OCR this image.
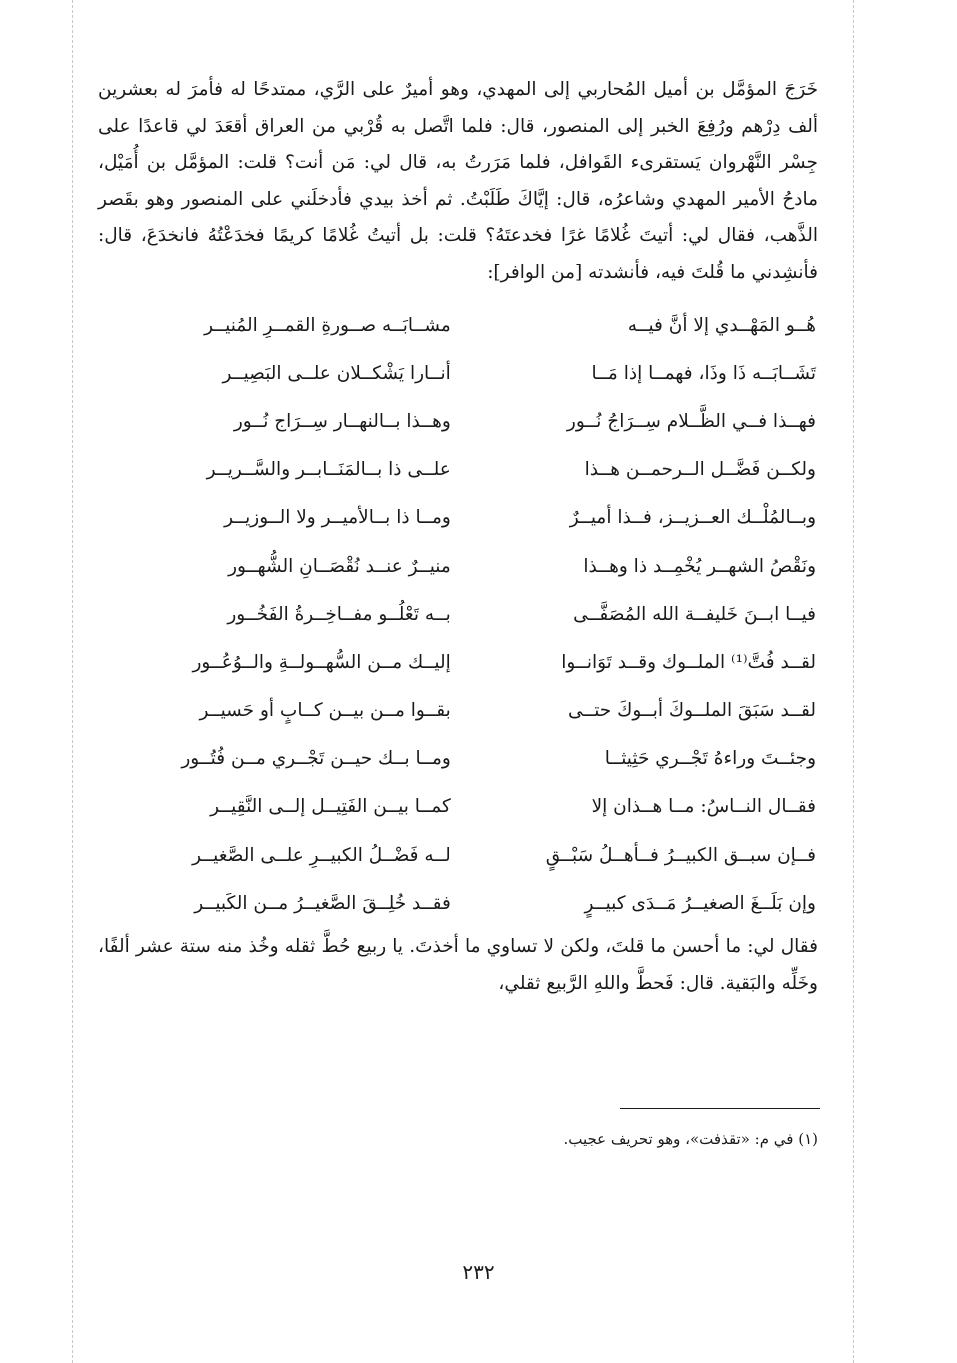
خَرَجَ المؤمَّل بن أميل المُحاربي إلى المهدي، وهو أميرٌ على الرَّي، ممتدحًا له فأمرَ له بعشرين ألف دِرْهم ورُفِعَ الخبر إلى المنصور، قال: فلما اتَّصل به قُرْبي من العراق أقعَدَ لي قاعدًا على جِسْر النَّهْروان يَستقرىء القَوافل، فلما مَرَرتُ به، قال لي: مَن أنت؟ قلت: المؤمَّل بن أُمَيْل، مادحُ الأمير المهدي وشاعرُه، قال: إيَّاكَ طَلَبْتُ. ثم أخذ بيدي فأدخلَني على المنصور وهو بقَصر الذَّهب، فقال لي: أتيتَ غُلامًا غرًا فخدعتَهُ؟ قلت: بل أتيتُ غُلامًا كريمًا فخدَعْتُهُ فانخدَعَ، قال: فأنشِدني ما قُلتَ فيه، فأنشدته [من الوافر]:

هُــو المَهْــدي إلا أنَّ فيــه
مشــابَــه صــورةِ القمــرِ المُنيــر
تَشَــابَــه ذَا وذَا، فهمــا إذا مَــا
أنــارا يَشْكــلان علــى البَصِيــر
فهــذا فــي الظَّــلام سِــرَاجُ نُــور
وهــذا بــالنهــار سِــرَاج نُــور
ولكــن فَضَّــل الــرحمــن هــذا
علــى ذا بــالمَنَــابــر والسَّــريــر
وبــالمُلْــك العــزيــز، فــذا أميــرٌ
ومــا ذا بــالأميــر ولا الــوزيــر
ونَقْصُ الشهــر يُخْمِــد ذا وهــذا
منيــرٌ عنــد نُقْصَــانِ الشُّهــور
فيــا ابــنَ خَليفــة الله المُصَفَّــى
بــه تَعْلُــو مفــاخِــرةُ الفَخُــور
لقــد فُتَّ⁽¹⁾ الملــوك وقــد تَوَانــوا
إليــك مــن السُّهــولــةِ والــوُعُــور
لقــد سَبَقَ الملــوكَ أبــوكَ حتــى
بقــوا مــن بيــن كــابٍ أو حَسيــر
وجئــتَ وراءهُ تَجْــري حَثِيثــا
ومــا بــك حيــن تَجْــري مــن فُتُــور
فقــال النــاسُ: مــا هــذان إلا
كمــا بيــن الفَتِيــل إلــى النَّقِيــر
فــإن سبــق الكبيــرُ فــأهــلُ سَبْــقٍ
لــه فَضْــلُ الكبيــرِ علــى الصَّغيــر
وإن بَلَــغَ الصغيــرُ مَــدَى كبيــرٍ
فقــد خُلِــقَ الصَّغيــرُ مــن الكَبيــر

فقال لي: ما أحسن ما قلتَ، ولكن لا تساوي ما أخذتَ. يا ربيع حُطَّ ثقله وخُذ منه ستة عشر ألفًا، وخَلِّه والبَقية. قال: فَحطَّ واللهِ الرَّبيع ثقلي،

(١) في م: «تقذفت»، وهو تحريف عجيب.
٢٣٢
